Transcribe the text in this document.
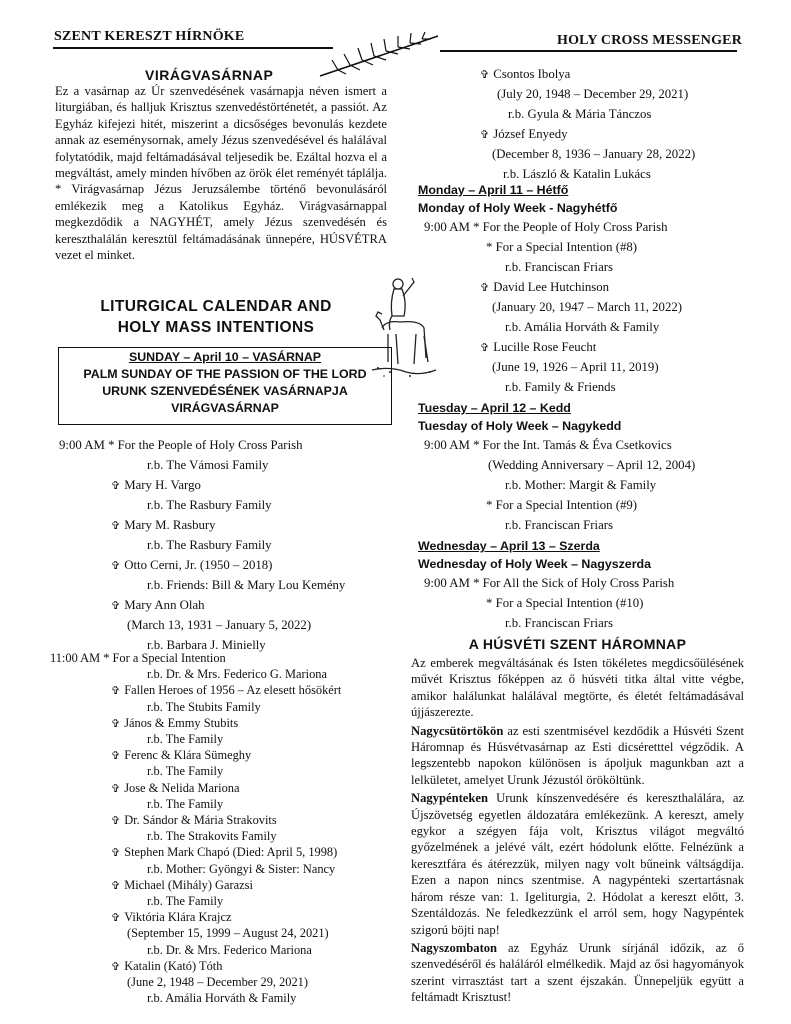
SZENT KERESZT HÍRNÖKE	HOLY CROSS MESSENGER
VIRÁGVASÁRNAP

Ez a vasárnap az Úr szenvedésének vasárnapja néven ismert a liturgiában, és halljuk Krisztus szenvedéstörténetét, a passiót. Az Egyház kifejezi hitét, miszerint a dicsőséges bevonulás kezdete annak az eseménysornak, amely Jézus szenvedésével és halálával folytatódik, majd feltámadásával teljesedik be. Ezáltal hozva el a megváltást, amely minden hívőben az örök élet reményét táplálja. * Virágvasárnap Jézus Jeruzsálembe történő bevonulásáról emlékezik meg a Katolikus Egyház. Virágvasárnappal megkezdődik a NAGYHÉT, amely Jézus szenvedésén és kereszthalálán keresztül feltámadásának ünnepére, HÚSVÉTRA vezet el minket.

LITURGICAL CALENDAR AND
HOLY MASS INTENTIONS
SUNDAY – April 10 – VASÁRNAP
PALM SUNDAY OF THE PASSION OF THE LORD
URUNK SZENVEDÉSÉNEK VASÁRNAPJA
VIRÁGVASÁRNAP
9:00 AM * For the People of Holy Cross Parish
r.b. The Vámosi Family
✞ Mary H. Vargo
r.b. The Rasbury Family
✞ Mary M. Rasbury
r.b. The Rasbury Family
✞ Otto Cerni, Jr. (1950 – 2018)
r.b. Friends: Bill & Mary Lou Kemény
✞ Mary Ann Olah
(March 13, 1931 – January 5, 2022)
r.b. Barbara J. Minielly
11:00 AM * For a Special Intention
r.b. Dr. & Mrs. Federico G. Mariona
✞ Fallen Heroes of 1956 – Az elesett hősökért
r.b. The Stubits Family
✞ János & Emmy Stubits
r.b. The Family
✞ Ferenc & Klára Sümeghy
r.b. The Family
✞ Jose & Nelida Mariona
r.b. The Family
✞ Dr. Sándor & Mária Strakovits
r.b. The Strakovits Family
✞ Stephen Mark Chapó (Died: April 5, 1998)
r.b. Mother: Gyöngyi & Sister: Nancy
✞ Michael (Mihály) Garazsi
r.b. The Family
✞ Viktória Klára Krajcz
(September 15, 1999 – August 24, 2021)
r.b. Dr. & Mrs. Federico Mariona
✞ Katalin (Kató) Tóth
(June 2, 1948 – December 29, 2021)
r.b. Amália Horváth & Family
✞ Csontos Ibolya
(July 20, 1948 – December 29, 2021)
r.b. Gyula & Mária Tánczos
✞ József Enyedy
(December 8, 1936 – January 28, 2022)
r.b. László & Katalin Lukács
Monday – April 11 – Hétfő
Monday of Holy Week - Nagyhétfő
9:00 AM * For the People of Holy Cross Parish
* For a Special Intention (#8)
r.b. Franciscan Friars
✞ David Lee Hutchinson
(January 20, 1947 – March 11, 2022)
r.b. Amália Horváth & Family
✞ Lucille Rose Feucht
(June 19, 1926 – April 11, 2019)
r.b. Family & Friends
Tuesday – April 12 – Kedd
Tuesday of Holy Week – Nagykedd
9:00 AM * For the Int. Tamás & Éva Csetkovics
(Wedding Anniversary – April 12, 2004)
r.b. Mother: Margit & Family
* For a Special Intention (#9)
r.b. Franciscan Friars
Wednesday – April 13 – Szerda
Wednesday of Holy Week – Nagyszerda
9:00 AM * For All the Sick of Holy Cross Parish
* For a Special Intention (#10)
r.b. Franciscan Friars
A HÚSVÉTI SZENT HÁROMNAP

Az emberek megváltásának és Isten tökéletes megdicsőülésének művét Krisztus főképpen az ő húsvéti titka által vitte végbe, amikor halálunkat halálával megtörte, és életét feltámadásával újjászerezte.

Nagycsütörtökön az esti szentmisével kezdődik a Húsvéti Szent Háromnap és Húsvétvasárnap az Esti dicséretttel végződik. A legszentebb napokon különösen is ápoljuk magunkban azt a lelkületet, amelyet Urunk Jézustól örököltünk.

Nagypénteken Urunk kínszenvedésére és kereszthalálára, az Újszövetség egyetlen áldozatára emlékezünk. A kereszt, amely egykor a szégyen fája volt, Krisztus világot megváltó győzelmének a jelévé vált, ezért hódolunk előtte. Felnézünk a keresztfára és átérezzük, milyen nagy volt bűneink váltságdíja. Ezen a napon nincs szentmise. A nagypénteki szertartásnak három része van: 1. Igeliturgia, 2. Hódolat a kereszt előtt, 3. Szentáldozás. Ne feledkezzünk el arról sem, hogy Nagypéntek szigorú böjti nap!

Nagyszombaton az Egyház Urunk sírjánál időzik, az ő szenvedéséről és haláláról elmélkedik. Majd az ősi hagyományok szerint virrasztást tart a szent éjszakán. Ünnepeljük együtt a feltámadt Krisztust!
